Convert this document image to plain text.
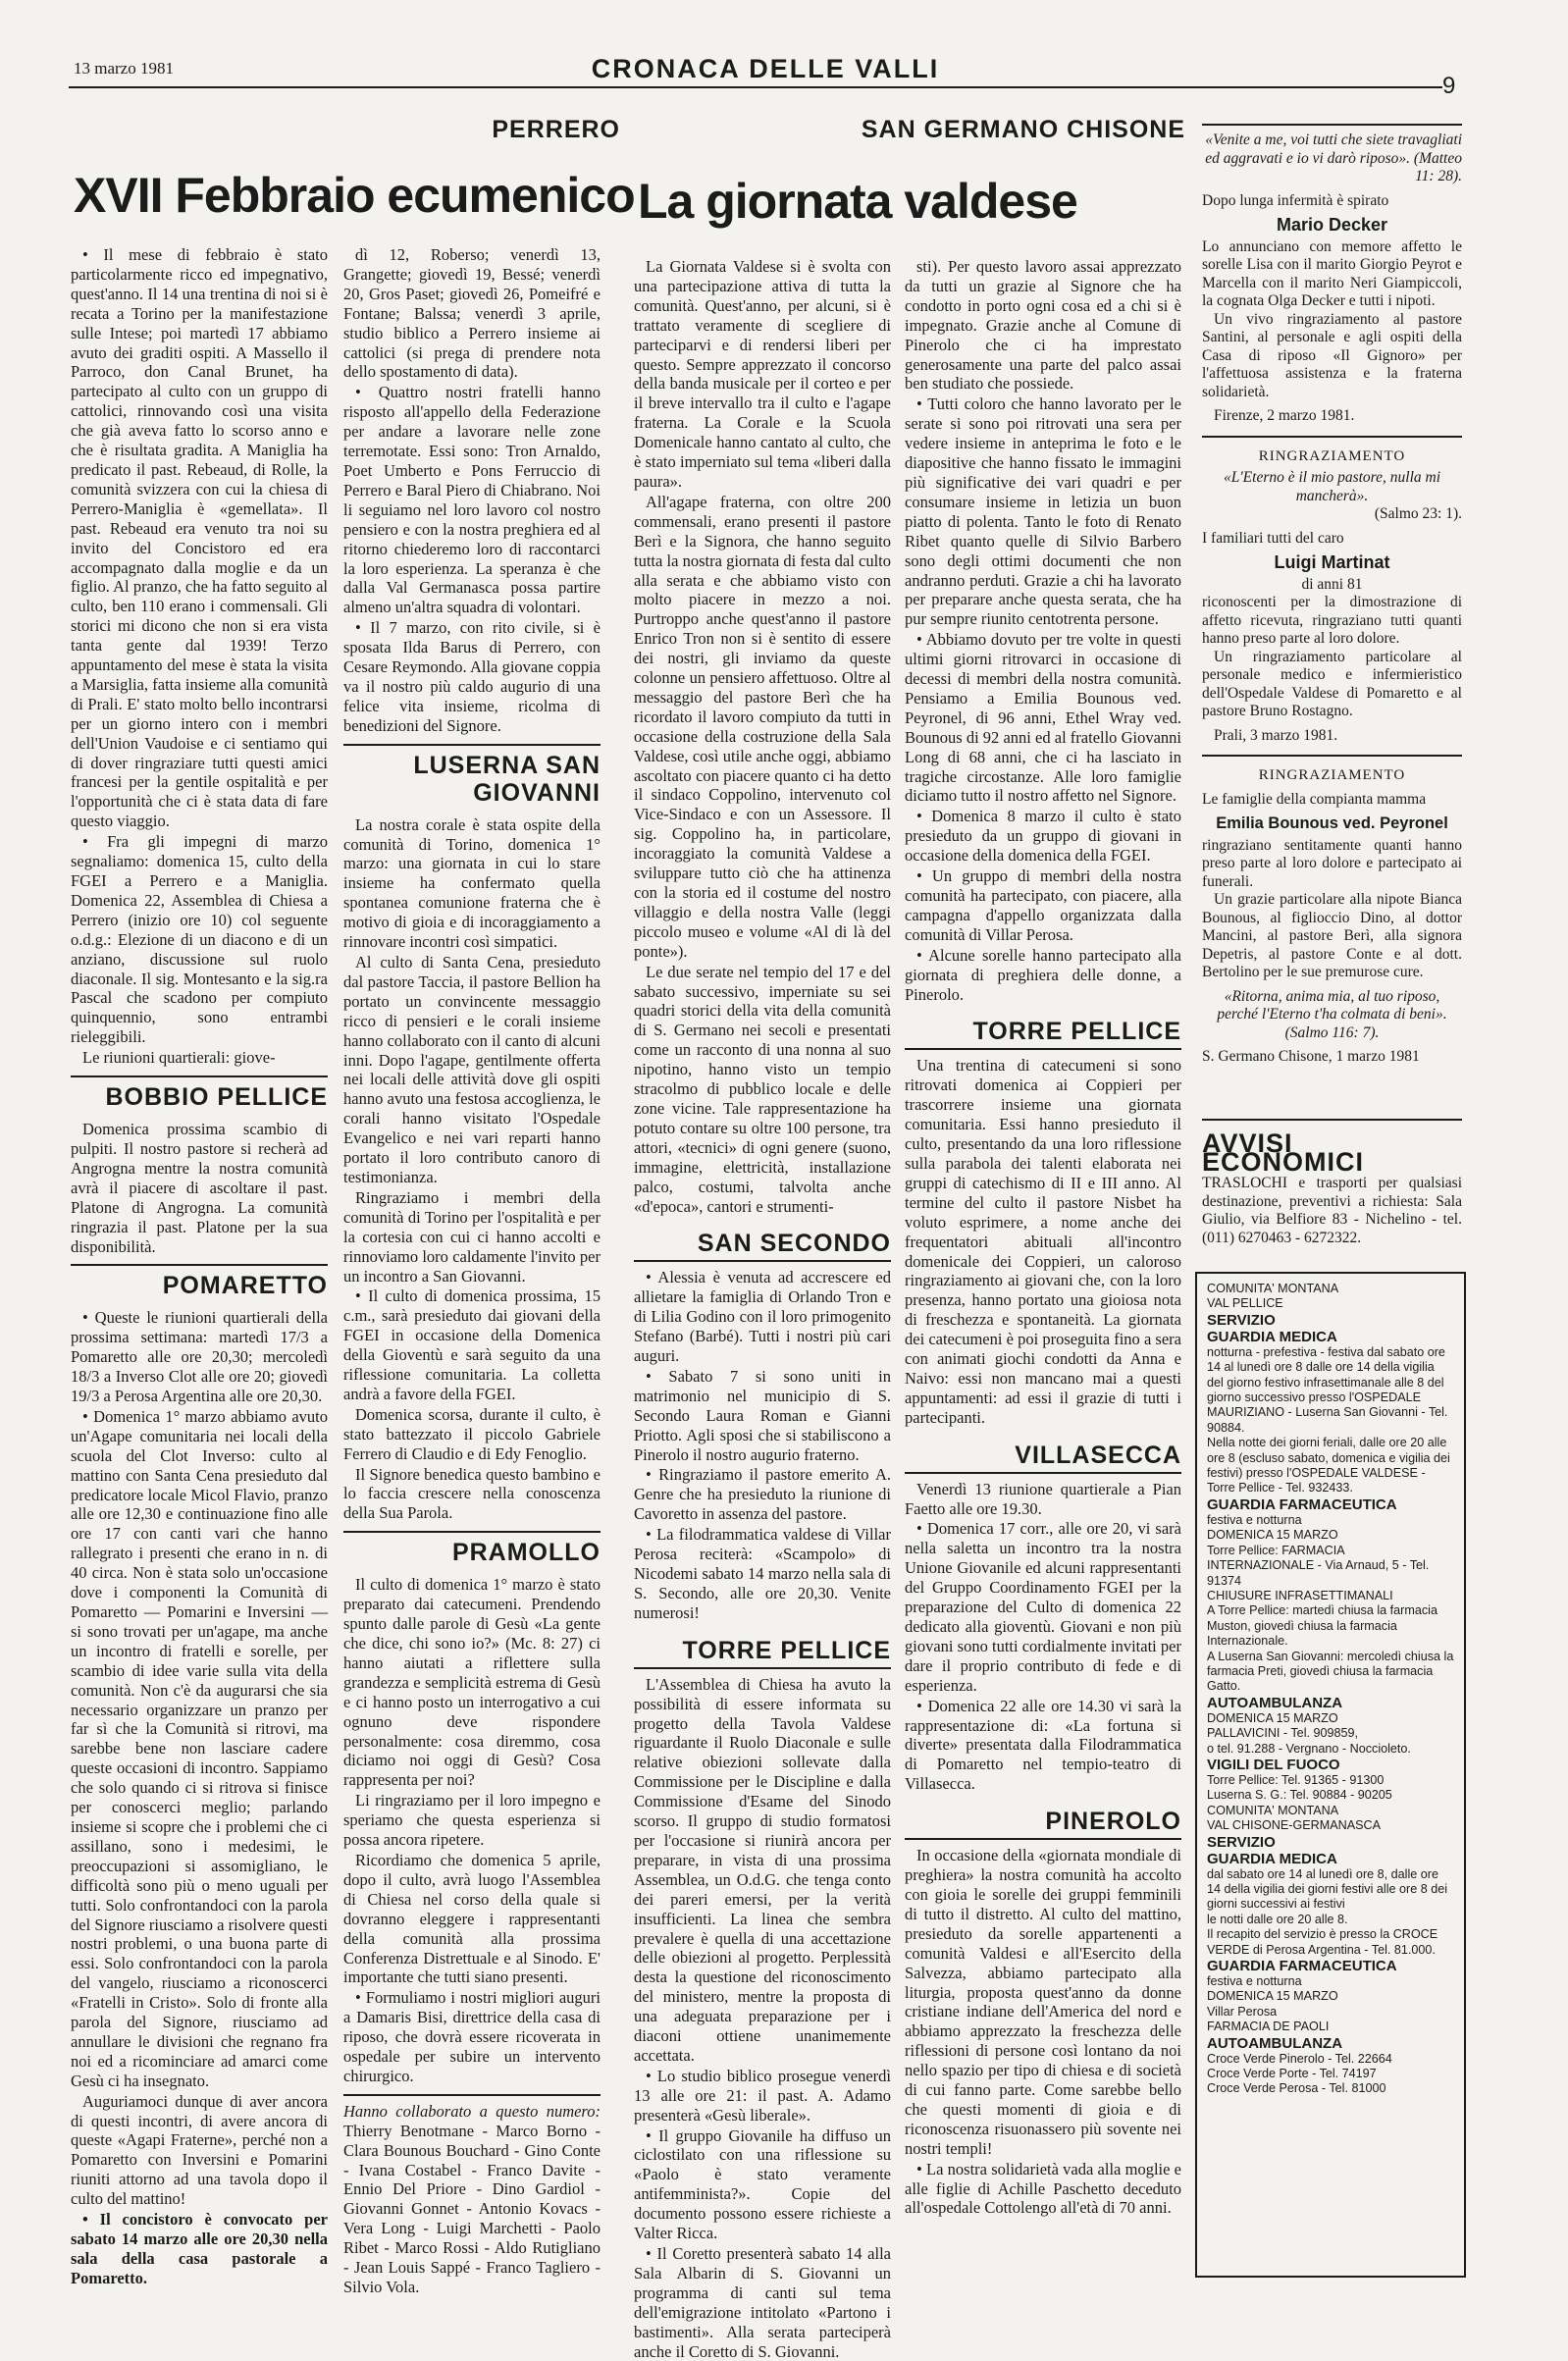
13 marzo 1981	CRONACA DELLE VALLI
9
PERRERO
XVII Febbraio ecumenico
SAN GERMANO CHISONE
La giornata valdese

• Il mese di febbraio è stato particolarmente ricco ed impegnativo, quest'anno. Il 14 una trentina di noi si è recata a Torino per la manifestazione sulle Intese; poi martedì 17 abbiamo avuto dei graditi ospiti. A Massello il Parroco, don Canal Brunet, ha partecipato al culto con un gruppo di cattolici, rinnovando così una visita che già aveva fatto lo scorso anno e che è risultata gradita. A Maniglia ha predicato il past. Rebeaud, di Rolle, la comunità svizzera con cui la chiesa di Perrero-Maniglia è «gemellata». Il past. Rebeaud era venuto tra noi su invito del Concistoro ed era accompagnato dalla moglie e da un figlio. Al pranzo, che ha fatto seguito al culto, ben 110 erano i commensali. Gli storici mi dicono che non si era vista tanta gente dal 1939! Terzo appuntamento del mese è stata la visita a Marsiglia, fatta insieme alla comunità di Prali. E' stato molto bello incontrarsi per un giorno intero con i membri dell'Union Vaudoise e ci sentiamo qui di dover ringraziare tutti questi amici francesi per la gentile ospitalità e per l'opportunità che ci è stata data di fare questo viaggio.

• Fra gli impegni di marzo segnaliamo: domenica 15, culto della FGEI a Perrero e a Maniglia. Domenica 22, Assemblea di Chiesa a Perrero (inizio ore 10) col seguente o.d.g.: Elezione di un diacono e di un anziano, discussione sul ruolo diaconale. Il sig. Montesanto e la sig.ra Pascal che scadono per compiuto quinquennio, sono entrambi rieleggibili.

Le riunioni quartierali: giove-

BOBBIO PELLICE

Domenica prossima scambio di pulpiti. Il nostro pastore si recherà ad Angrogna mentre la nostra comunità avrà il piacere di ascoltare il past. Platone di Angrogna. La comunità ringrazia il past. Platone per la sua disponibilità.

POMARETTO

• Queste le riunioni quartierali della prossima settimana: martedì 17/3 a Pomaretto alle ore 20,30; mercoledì 18/3 a Inverso Clot alle ore 20; giovedì 19/3 a Perosa Argentina alle ore 20,30.

• Domenica 1° marzo abbiamo avuto un'Agape comunitaria nei locali della scuola del Clot Inverso: culto al mattino con Santa Cena presieduto dal predicatore locale Micol Flavio, pranzo alle ore 12,30 e continuazione fino alle ore 17 con canti vari che hanno rallegrato i presenti che erano in n. di 40 circa. Non è stata solo un'occasione dove i componenti la Comunità di Pomaretto — Pomarini e Inversini — si sono trovati per un'agape, ma anche un incontro di fratelli e sorelle, per scambio di idee varie sulla vita della comunità. Non c'è da augurarsi che sia necessario organizzare un pranzo per far sì che la Comunità si ritrovi, ma sarebbe bene non lasciare cadere queste occasioni di incontro. Sappiamo che solo quando ci si ritrova si finisce per conoscerci meglio; parlando insieme si scopre che i problemi che ci assillano, sono i medesimi, le preoccupazioni si assomigliano, le difficoltà sono più o meno uguali per tutti. Solo confrontandoci con la parola del Signore riusciamo a risolvere questi nostri problemi, o una buona parte di essi. Solo confrontandoci con la parola del vangelo, riusciamo a riconoscerci «Fratelli in Cristo». Solo di fronte alla parola del Signore, riusciamo ad annullare le divisioni che regnano fra noi ed a ricominciare ad amarci come Gesù ci ha insegnato.

Auguriamoci dunque di aver ancora di questi incontri, di avere ancora di queste «Agapi Fraterne», perché non a Pomaretto con Inversini e Pomarini riuniti attorno ad una tavola dopo il culto del mattino!

• Il concistoro è convocato per sabato 14 marzo alle ore 20,30 nella sala della casa pastorale a Pomaretto.

dì 12, Roberso; venerdì 13, Grangette; giovedì 19, Bessé; venerdì 20, Gros Paset; giovedì 26, Pomeifré e Fontane; Balssa; venerdì 3 aprile, studio biblico a Perrero insieme ai cattolici (si prega di prendere nota dello spostamento di data).

• Quattro nostri fratelli hanno risposto all'appello della Federazione per andare a lavorare nelle zone terremotate. Essi sono: Tron Arnaldo, Poet Umberto e Pons Ferruccio di Perrero e Baral Piero di Chiabrano. Noi li seguiamo nel loro lavoro col nostro pensiero e con la nostra preghiera ed al ritorno chiederemo loro di raccontarci la loro esperienza. La speranza è che dalla Val Germanasca possa partire almeno un'altra squadra di volontari.

• Il 7 marzo, con rito civile, si è sposata Ilda Barus di Perrero, con Cesare Reymondo. Alla giovane coppia va il nostro più caldo augurio di una felice vita insieme, ricolma di benedizioni del Signore.

LUSERNA SAN GIOVANNI

La nostra corale è stata ospite della comunità di Torino, domenica 1° marzo: una giornata in cui lo stare insieme ha confermato quella spontanea comunione fraterna che è motivo di gioia e di incoraggiamento a rinnovare incontri così simpatici.

Al culto di Santa Cena, presieduto dal pastore Taccia, il pastore Bellion ha portato un convincente messaggio ricco di pensieri e le corali insieme hanno collaborato con il canto di alcuni inni. Dopo l'agape, gentilmente offerta nei locali delle attività dove gli ospiti hanno avuto una festosa accoglienza, le corali hanno visitato l'Ospedale Evangelico e nei vari reparti hanno portato il loro contributo canoro di testimonianza.

Ringraziamo i membri della comunità di Torino per l'ospitalità e per la cortesia con cui ci hanno accolti e rinnoviamo loro caldamente l'invito per un incontro a San Giovanni.

• Il culto di domenica prossima, 15 c.m., sarà presieduto dai giovani della FGEI in occasione della Domenica della Gioventù e sarà seguito da una riflessione comunitaria. La colletta andrà a favore della FGEI.

Domenica scorsa, durante il culto, è stato battezzato il piccolo Gabriele Ferrero di Claudio e di Edy Fenoglio.

Il Signore benedica questo bambino e lo faccia crescere nella conoscenza della Sua Parola.

PRAMOLLO

Il culto di domenica 1° marzo è stato preparato dai catecumeni. Prendendo spunto dalle parole di Gesù «La gente che dice, chi sono io?» (Mc. 8: 27) ci hanno aiutati a riflettere sulla grandezza e semplicità estrema di Gesù e ci hanno posto un interrogativo a cui ognuno deve rispondere personalmente: cosa diremmo, cosa diciamo noi oggi di Gesù? Cosa rappresenta per noi?

Li ringraziamo per il loro impegno e speriamo che questa esperienza si possa ancora ripetere.

Ricordiamo che domenica 5 aprile, dopo il culto, avrà luogo l'Assemblea di Chiesa nel corso della quale si dovranno eleggere i rappresentanti della comunità alla prossima Conferenza Distrettuale e al Sinodo. E' importante che tutti siano presenti.

• Formuliamo i nostri migliori auguri a Damaris Bisi, direttrice della casa di riposo, che dovrà essere ricoverata in ospedale per subire un intervento chirurgico.

Hanno collaborato a questo numero: Thierry Benotmane - Marco Borno - Clara Bounous Bouchard - Gino Conte - Ivana Costabel - Franco Davite - Ennio Del Priore - Dino Gardiol - Giovanni Gonnet - Antonio Kovacs - Vera Long - Luigi Marchetti - Paolo Ribet - Marco Rossi - Aldo Rutigliano - Jean Louis Sappé - Franco Tagliero - Silvio Vola.

La Giornata Valdese si è svolta con una partecipazione attiva di tutta la comunità. Quest'anno, per alcuni, si è trattato veramente di scegliere di parteciparvi e di rendersi liberi per questo. Sempre apprezzato il concorso della banda musicale per il corteo e per il breve intervallo tra il culto e l'agape fraterna. La Corale e la Scuola Domenicale hanno cantato al culto, che è stato imperniato sul tema «liberi dalla paura».

All'agape fraterna, con oltre 200 commensali, erano presenti il pastore Berì e la Signora, che hanno seguito tutta la nostra giornata di festa dal culto alla serata e che abbiamo visto con molto piacere in mezzo a noi. Purtroppo anche quest'anno il pastore Enrico Tron non si è sentito di essere dei nostri, gli inviamo da queste colonne un pensiero affettuoso. Oltre al messaggio del pastore Berì che ha ricordato il lavoro compiuto da tutti in occasione della costruzione della Sala Valdese, così utile anche oggi, abbiamo ascoltato con piacere quanto ci ha detto il sindaco Coppolino, intervenuto col Vice-Sindaco e con un Assessore. Il sig. Coppolino ha, in particolare, incoraggiato la comunità Valdese a sviluppare tutto ciò che ha attinenza con la storia ed il costume del nostro villaggio e della nostra Valle (leggi piccolo museo e volume «Al di là del ponte»).

Le due serate nel tempio del 17 e del sabato successivo, imperniate su sei quadri storici della vita della comunità di S. Germano nei secoli e presentati come un racconto di una nonna al suo nipotino, hanno visto un tempio stracolmo di pubblico locale e delle zone vicine. Tale rappresentazione ha potuto contare su oltre 100 persone, tra attori, «tecnici» di ogni genere (suono, immagine, elettricità, installazione palco, costumi, talvolta anche «d'epoca», cantori e strumenti-

SAN SECONDO

• Alessia è venuta ad accrescere ed allietare la famiglia di Orlando Tron e di Lilia Godino con il loro primogenito Stefano (Barbé). Tutti i nostri più cari auguri.

• Sabato 7 si sono uniti in matrimonio nel municipio di S. Secondo Laura Roman e Gianni Priotto. Agli sposi che si stabiliscono a Pinerolo il nostro augurio fraterno.

• Ringraziamo il pastore emerito A. Genre che ha presieduto la riunione di Cavoretto in assenza del pastore.

• La filodrammatica valdese di Villar Perosa reciterà: «Scampolo» di Nicodemi sabato 14 marzo nella sala di S. Secondo, alle ore 20,30. Venite numerosi!

TORRE PELLICE

L'Assemblea di Chiesa ha avuto la possibilità di essere informata su progetto della Tavola Valdese riguardante il Ruolo Diaconale e sulle relative obiezioni sollevate dalla Commissione per le Discipline e dalla Commissione d'Esame del Sinodo scorso. Il gruppo di studio formatosi per l'occasione si riunirà ancora per preparare, in vista di una prossima Assemblea, un O.d.G. che tenga conto dei pareri emersi, per la verità insufficienti. La linea che sembra prevalere è quella di una accettazione delle obiezioni al progetto. Perplessità desta la questione del riconoscimento del ministero, mentre la proposta di una adeguata preparazione per i diaconi ottiene unanimemente accettata.

• Lo studio biblico prosegue venerdì 13 alle ore 21: il past. A. Adamo presenterà «Gesù liberale».

• Il gruppo Giovanile ha diffuso un ciclostilato con una riflessione su «Paolo è stato veramente antifemminista?». Copie del documento possono essere richieste a Valter Ricca.

• Il Coretto presenterà sabato 14 alla Sala Albarin di S. Giovanni un programma di canti sul tema dell'emigrazione intitolato «Partono i bastimenti». Alla serata parteciperà anche il Coretto di S. Giovanni.

sti). Per questo lavoro assai apprezzato da tutti un grazie al Signore che ha condotto in porto ogni cosa ed a chi si è impegnato. Grazie anche al Comune di Pinerolo che ci ha imprestato generosamente una parte del palco assai ben studiato che possiede.

• Tutti coloro che hanno lavorato per le serate si sono poi ritrovati una sera per vedere insieme in anteprima le foto e le diapositive che hanno fissato le immagini più significative dei vari quadri e per consumare insieme in letizia un buon piatto di polenta. Tanto le foto di Renato Ribet quanto quelle di Silvio Barbero sono degli ottimi documenti che non andranno perduti. Grazie a chi ha lavorato per preparare anche questa serata, che ha pur sempre riunito centotrenta persone.

• Abbiamo dovuto per tre volte in questi ultimi giorni ritrovarci in occasione di decessi di membri della nostra comunità. Pensiamo a Emilia Bounous ved. Peyronel, di 96 anni, Ethel Wray ved. Bounous di 92 anni ed al fratello Giovanni Long di 68 anni, che ci ha lasciato in tragiche circostanze. Alle loro famiglie diciamo tutto il nostro affetto nel Signore.

• Domenica 8 marzo il culto è stato presieduto da un gruppo di giovani in occasione della domenica della FGEI.

• Un gruppo di membri della nostra comunità ha partecipato, con piacere, alla campagna d'appello organizzata dalla comunità di Villar Perosa.

• Alcune sorelle hanno partecipato alla giornata di preghiera delle donne, a Pinerolo.

TORRE PELLICE

Una trentina di catecumeni si sono ritrovati domenica ai Coppieri per trascorrere insieme una giornata comunitaria. Essi hanno presieduto il culto, presentando da una loro riflessione sulla parabola dei talenti elaborata nei gruppi di catechismo di II e III anno. Al termine del culto il pastore Nisbet ha voluto esprimere, a nome anche dei frequentatori abituali all'incontro domenicale dei Coppieri, un caloroso ringraziamento ai giovani che, con la loro presenza, hanno portato una gioiosa nota di freschezza e spontaneità. La giornata dei catecumeni è poi proseguita fino a sera con animati giochi condotti da Anna e Naivo: essi non mancano mai a questi appuntamenti: ad essi il grazie di tutti i partecipanti.

VILLASECCA

Venerdì 13 riunione quartierale a Pian Faetto alle ore 19.30.

• Domenica 17 corr., alle ore 20, vi sarà nella saletta un incontro tra la nostra Unione Giovanile ed alcuni rappresentanti del Gruppo Coordinamento FGEI per la preparazione del Culto di domenica 22 dedicato alla gioventù. Giovani e non più giovani sono tutti cordialmente invitati per dare il proprio contributo di fede e di esperienza.

• Domenica 22 alle ore 14.30 vi sarà la rappresentazione di: «La fortuna si diverte» presentata dalla Filodrammatica di Pomaretto nel tempio-teatro di Villasecca.

PINEROLO

In occasione della «giornata mondiale di preghiera» la nostra comunità ha accolto con gioia le sorelle dei gruppi femminili di tutto il distretto. Al culto del mattino, presieduto da sorelle appartenenti a comunità Valdesi e all'Esercito della Salvezza, abbiamo partecipato alla liturgia, proposta quest'anno da donne cristiane indiane dell'America del nord e abbiamo apprezzato la freschezza delle riflessioni di persone così lontano da noi nello spazio per tipo di chiesa e di società di cui fanno parte. Come sarebbe bello che questi momenti di gioia e di riconoscenza risuonassero più sovente nei nostri templi!

• La nostra solidarietà vada alla moglie e alle figlie di Achille Paschetto deceduto all'ospedale Cottolengo all'età di 70 anni.

«Venite a me, voi tutti che siete travagliati ed aggravati e io vi darò riposo». (Matteo 11: 28).
Dopo lunga infermità è spirato
Mario Decker
Lo annunciano con memore affetto le sorelle Lisa con il marito Giorgio Peyrot e Marcella con il marito Neri Giampiccoli, la cognata Olga Decker e tutti i nipoti.
Un vivo ringraziamento al pastore Santini, al personale e agli ospiti della Casa di riposo «Il Gignoro» per l'affettuosa assistenza e la fraterna solidarietà.
Firenze, 2 marzo 1981.
RINGRAZIAMENTO
«L'Eterno è il mio pastore, nulla mi mancherà».
(Salmo 23: 1).
I familiari tutti del caro
Luigi Martinat
di anni 81
riconoscenti per la dimostrazione di affetto ricevuta, ringraziano tutti quanti hanno preso parte al loro dolore.
Un ringraziamento particolare al personale medico e infermieristico dell'Ospedale Valdese di Pomaretto e al pastore Bruno Rostagno.
Prali, 3 marzo 1981.
RINGRAZIAMENTO
Le famiglie della compianta mamma
Emilia Bounous ved. Peyronel
ringraziano sentitamente quanti hanno preso parte al loro dolore e partecipato ai funerali.
Un grazie particolare alla nipote Bianca Bounous, al figlioccio Dino, al dottor Mancini, al pastore Berì, alla signora Depetris, al pastore Conte e al dott. Bertolino per le sue premurose cure.
«Ritorna, anima mia, al tuo riposo, perché l'Eterno t'ha colmata di beni». (Salmo 116: 7).
S. Germano Chisone, 1 marzo 1981
AVVISI ECONOMICI
TRASLOCHI e trasporti per qualsiasi destinazione, preventivi a richiesta: Sala Giulio, via Belfiore 83 - Nichelino - tel. (011) 6270463 - 6272322.
COMUNITA' MONTANA
VAL PELLICE
SERVIZIO
GUARDIA MEDICA
notturna - prefestiva - festiva dal sabato ore 14 al lunedì ore 8 dalle ore 14 della vigilia del giorno festivo infrasettimanale alle 8 del giorno successivo presso l'OSPEDALE MAURIZIANO - Luserna San Giovanni - Tel. 90884.
Nella notte dei giorni feriali, dalle ore 20 alle ore 8 (escluso sabato, domenica e vigilia dei festivi) presso l'OSPEDALE VALDESE - Torre Pellice - Tel. 932433.
GUARDIA FARMACEUTICA
festiva e notturna
DOMENICA 15 MARZO
Torre Pellice: FARMACIA INTERNAZIONALE - Via Arnaud, 5 - Tel. 91374
CHIUSURE INFRASETTIMANALI
A Torre Pellice: martedì chiusa la farmacia Muston, giovedì chiusa la farmacia Internazionale.
A Luserna San Giovanni: mercoledì chiusa la farmacia Preti, giovedì chiusa la farmacia Gatto.
AUTOAMBULANZA
DOMENICA 15 MARZO
PALLAVICINI - Tel. 909859,
o tel. 91.288 - Vergnano - Noccioleto.
VIGILI DEL FUOCO
Torre Pellice: Tel. 91365 - 91300
Luserna S. G.: Tel. 90884 - 90205
COMUNITA' MONTANA
VAL CHISONE-GERMANASCA
SERVIZIO
GUARDIA MEDICA
dal sabato ore 14 al lunedì ore 8, dalle ore 14 della vigilia dei giorni festivi alle ore 8 dei giorni successivi ai festivi
le notti dalle ore 20 alle 8.
Il recapito del servizio è presso la CROCE VERDE di Perosa Argentina - Tel. 81.000.
GUARDIA FARMACEUTICA
festiva e notturna
DOMENICA 15 MARZO
Villar Perosa
FARMACIA DE PAOLI
AUTOAMBULANZA
Croce Verde Pinerolo - Tel. 22664
Croce Verde Porte - Tel. 74197
Croce Verde Perosa - Tel. 81000
